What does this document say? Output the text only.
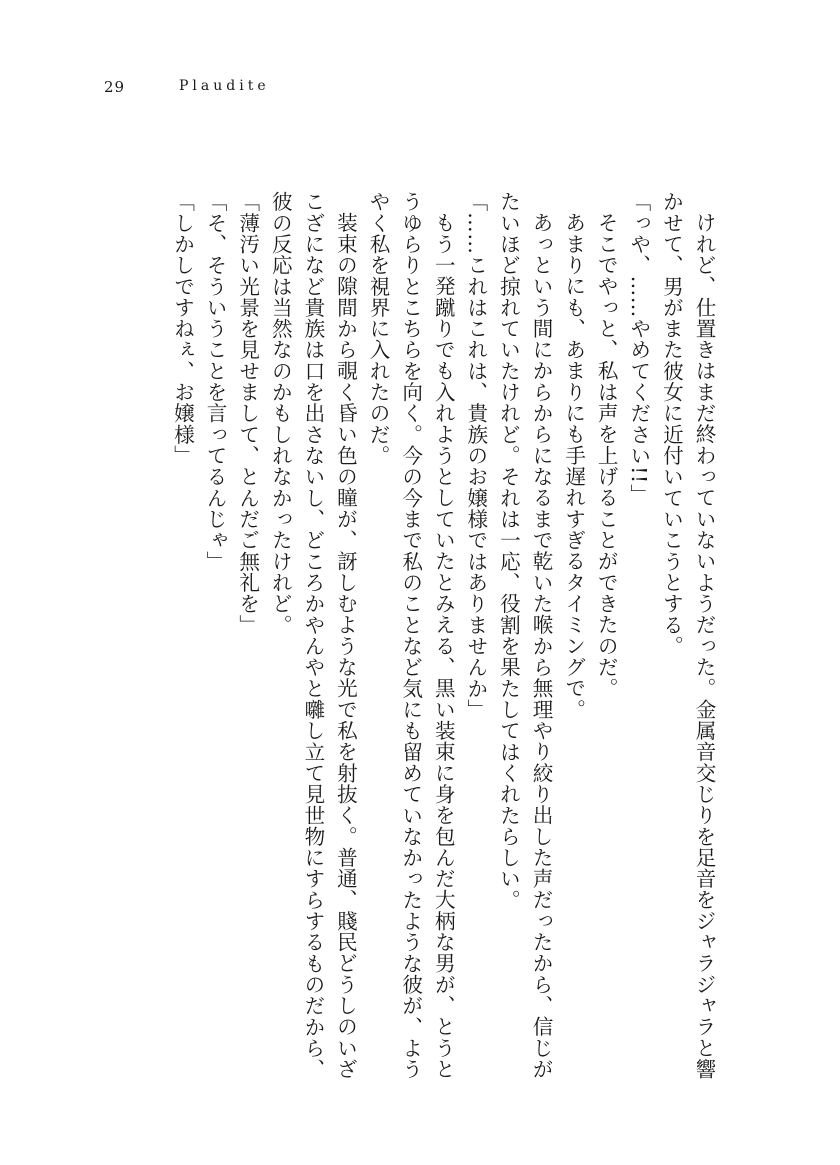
29	Plaudite

けれど、仕置きはまだ終わっていないようだった。金属音交じりを足音をジャラジャラと響かせて、男がまた彼女に近付いていこうとする。

「っや、……やめてください!!」

そこでやっと、私は声を上げることができたのだ。

あまりにも、あまりにも手遅れすぎるタイミングで。

あっという間にからからになるまで乾いた喉から無理やり絞り出した声だったから、信じがたいほど掠れていたけれど。それは一応、役割を果たしてはくれたらしい。

「……これはこれは、貴族のお嬢様ではありませんか」

もう一発蹴りでも入れようとしていたとみえる、黒い装束に身を包んだ大柄な男が、とうとうゆらりとこちらを向く。今の今まで私のことなど気にも留めていなかったような彼が、ようやく私を視界に入れたのだ。

装束の隙間から覗く昏い色の瞳が、訝しむような光で私を射抜く。普通、賤民どうしのいざこざになど貴族は口を出さないし、どころかやんやと囃し立て見世物にすらするものだから、彼の反応は当然なのかもしれなかったけれど。

「薄汚い光景を見せまして、とんだご無礼を」

「そ、そういうことを言ってるんじゃ」

「しかしですねぇ、お嬢様」
